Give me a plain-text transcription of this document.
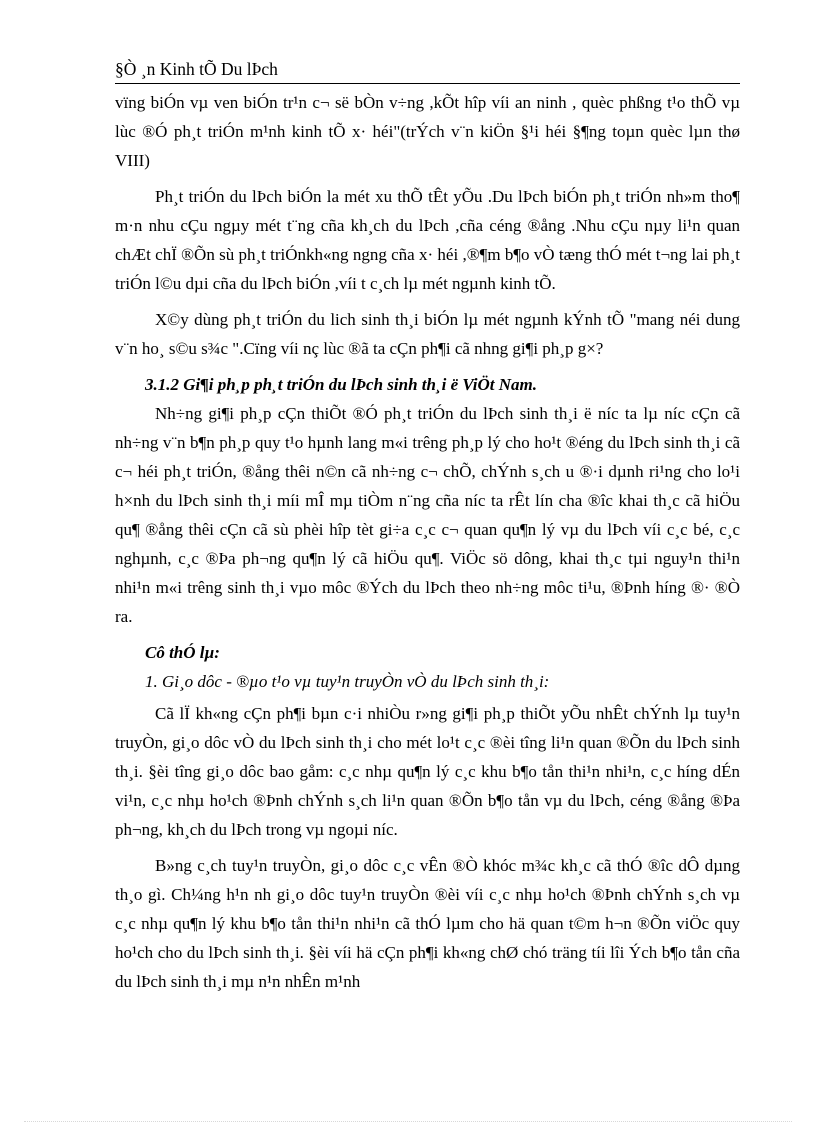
§Ò ¸n Kinh tÕ Du lÞch

vïng biÓn vµ ven biÓn tr¹n c¬ së bÒn v÷ng ,kÕt hîp víi an ninh , quèc phßng t¹o thÕ vµ lùc ®Ó ph¸t triÓn m¹nh kinh tÕ x· héi"(trÝch v¨n kiÖn §¹i héi §¶ng toµn quèc lµn thø VIII)

Ph¸t triÓn du lÞch biÓn la mét xu thÕ tÊt yÕu .Du lÞch biÓn ph¸t triÓn nh»m tho¶ m·n nhu cÇu ngµy mét t¨ng cña kh¸ch du lÞch ,cña céng ®ång .Nhu cÇu nµy li¹n quan chÆt chÏ ®Õn sù ph¸t triÓnkh«ng ngng cña x· héi ,®¶m b¶o vÒ tæng thÓ mét t¬ng lai ph¸t triÓn l©u dµi cña du lÞch biÓn ,víi t c¸ch lµ mét ngµnh kinh tÕ.

X©y dùng ph¸t triÓn du lich sinh th¸i biÓn lµ mét ngµnh kÝnh tÕ "mang néi dung v¨n ho¸ s©u s¾c ".Cïng víi nç lùc ®ã ta cÇn ph¶i cã nhng gi¶i ph¸p g×?

3.1.2 Gi¶i ph¸p ph¸t triÓn du lÞch sinh th¸i ë ViÖt Nam.

Nh÷ng gi¶i ph¸p cÇn thiÕt ®Ó ph¸t triÓn du lÞch sinh th¸i ë níc ta lµ níc cÇn cã nh÷ng v¨n b¶n ph¸p quy t¹o hµnh lang m«i trêng ph¸p lý cho ho¹t ®éng du lÞch sinh th¸i cã c¬ héi ph¸t triÓn, ®ång thêi n©n cã nh÷ng c¬ chÕ, chÝnh s¸ch u ®·i dµnh ri¹ng cho lo¹i h×nh du lÞch sinh th¸i míi mÎ mµ tiÒm n¨ng cña níc ta rÊt lín cha ®îc khai th¸c cã hiÖu qu¶ ®ång thêi cÇn cã sù phèi hîp tèt gi÷a c¸c c¬ quan qu¶n lý vµ du lÞch víi c¸c bé, c¸c nghµnh, c¸c ®Þa ph¬ng qu¶n lý cã hiÖu qu¶. ViÖc sö dông, khai th¸c tµi nguy¹n thi¹n nhi¹n m«i trêng sinh th¸i vµo môc ®Ých du lÞch theo nh÷ng môc ti¹u, ®Þnh híng ®· ®Ò ra.

Cô thÓ lµ:

1. Gi¸o dôc - ®µo t¹o vµ tuy¹n truyÒn vÒ du lÞch sinh th¸i:

Cã lÏ kh«ng cÇn ph¶i bµn c·i nhiÒu r»ng gi¶i ph¸p thiÕt yÕu nhÊt chÝnh lµ tuy¹n truyÒn, gi¸o dôc vÒ du lÞch sinh th¸i cho mét lo¹t c¸c ®èi tîng li¹n quan ®Õn du lÞch sinh th¸i. §èi tîng gi¸o dôc bao gåm: c¸c nhµ qu¶n lý c¸c khu b¶o tån thi¹n nhi¹n, c¸c híng dÉn vi¹n, c¸c nhµ ho¹ch ®Þnh chÝnh s¸ch li¹n quan ®Õn b¶o tån vµ du lÞch, céng ®ång ®Þa ph¬ng, kh¸ch du lÞch trong vµ ngoµi níc.

B»ng c¸ch tuy¹n truyÒn, gi¸o dôc c¸c vÊn ®Ò khóc m¾c kh¸c cã thÓ ®îc dÔ dµng th¸o gì. Ch¼ng h¹n nh gi¸o dôc tuy¹n truyÒn ®èi víi c¸c nhµ ho¹ch ®Þnh chÝnh s¸ch vµ c¸c nhµ qu¶n lý khu b¶o tån thi¹n nhi¹n cã thÓ lµm cho hä quan t©m h¬n ®Õn viÖc quy ho¹ch cho du lÞch sinh th¸i. §èi víi hä cÇn ph¶i kh«ng chØ chó träng tíi lîi Ých b¶o tån cña du lÞch sinh th¸i mµ n¹n nhÊn m¹nh
